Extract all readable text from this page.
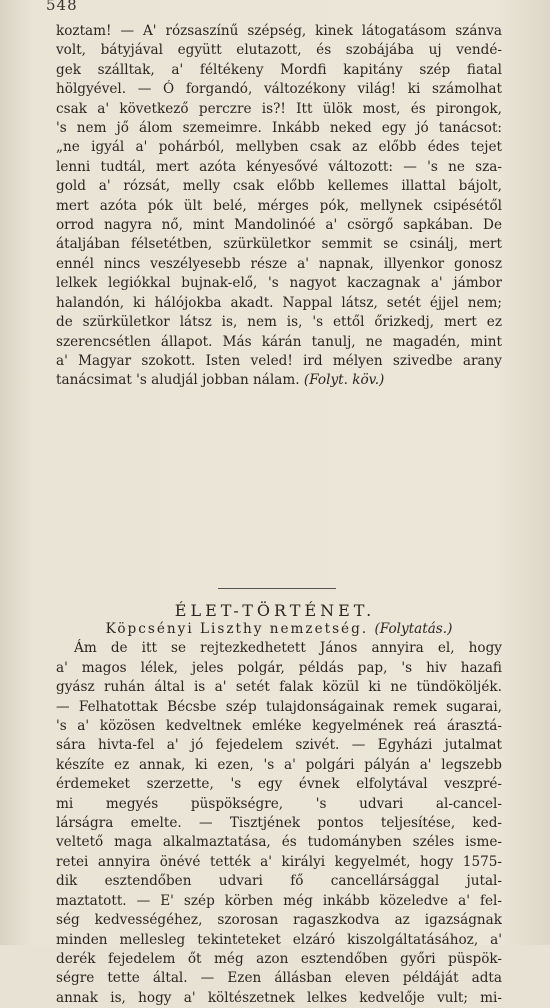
548
koztam! — A' rózsaszínű szépség, kinek látogatásom szánva
volt, bátyjával együtt elutazott, és szobájába uj vendé-
gek szálltak, a' féltékeny Mordfi kapitány szép fiatal
hölgyével. — Ó forgandó, változékony világ! ki számolhat
csak a' következő perczre is?! Itt ülök most, és pirongok,
's nem jő álom szemeimre. Inkább neked egy jó tanácsot:
„ne igyál a' pohárból, mellyben csak az előbb édes tejet
lenni tudtál, mert azóta kényesővé változott: — 's ne sza-
gold a' rózsát, melly csak előbb kellemes illattal bájolt,
mert azóta pók ült belé, mérges pók, mellynek csipésétől
orrod nagyra nő, mint Mandolinóé a' csörgő sapkában. De
átaljában félsetétben, szürkületkor semmit se csinálj, mert
ennél nincs veszélyesebb része a' napnak, illyenkor gonosz
lelkek legiókkal bujnak-elő, 's nagyot kaczagnak a' jámbor
halandón, ki hálójokba akadt. Nappal látsz, setét éjjel nem;
de szürkületkor látsz is, nem is, 's ettől őrizkedj, mert ez
szerencsétlen állapot. Más kárán tanulj, ne magadén, mint
a' Magyar szokott. Isten veled! ird mélyen szivedbe arany
tanácsimat 's aludjál jobban nálam. (Folyt. köv.)
ÉLET-TÖRTÉNET.
Köpcsényi Liszthy nemzetség. (Folytatás.)
Ám de itt se rejtezkedhetett János annyira el, hogy
a' magos lélek, jeles polgár, példás pap, 's hiv hazafi
gyász ruhán által is a' setét falak közül ki ne tündököljék.
— Felhatottak Bécsbe szép tulajdonságainak remek sugarai,
's a' közösen kedveltnek emléke kegyelmének reá árasztá-
sára hivta-fel a' jó fejedelem szivét. — Egyházi jutalmat
készíte ez annak, ki ezen, 's a' polgári pályán a' legszebb
érdemeket szerzette, 's egy évnek elfolytával veszpré-
mi megyés püspökségre, 's udvari al-cancel-
lárságra emelte. — Tisztjének pontos teljesítése, ked-
veltető maga alkalmaztatása, és tudományben széles isme-
retei annyira önévé tették a' királyi kegyelmét, hogy 1575-
dik esztendőben udvari fő cancellársággal jutal-
maztatott. — E' szép körben még inkább közeledve a' fel-
ség kedvességéhez, szorosan ragaszkodva az igazságnak
minden mellesleg tekinteteket elzáró kiszolgáltatásához, a'
derék fejedelem őt még azon esztendőben győri püspök-
ségre tette által. — Ezen állásban eleven példáját adta
annak is, hogy a' költészetnek lelkes kedvelője vult; mi-
